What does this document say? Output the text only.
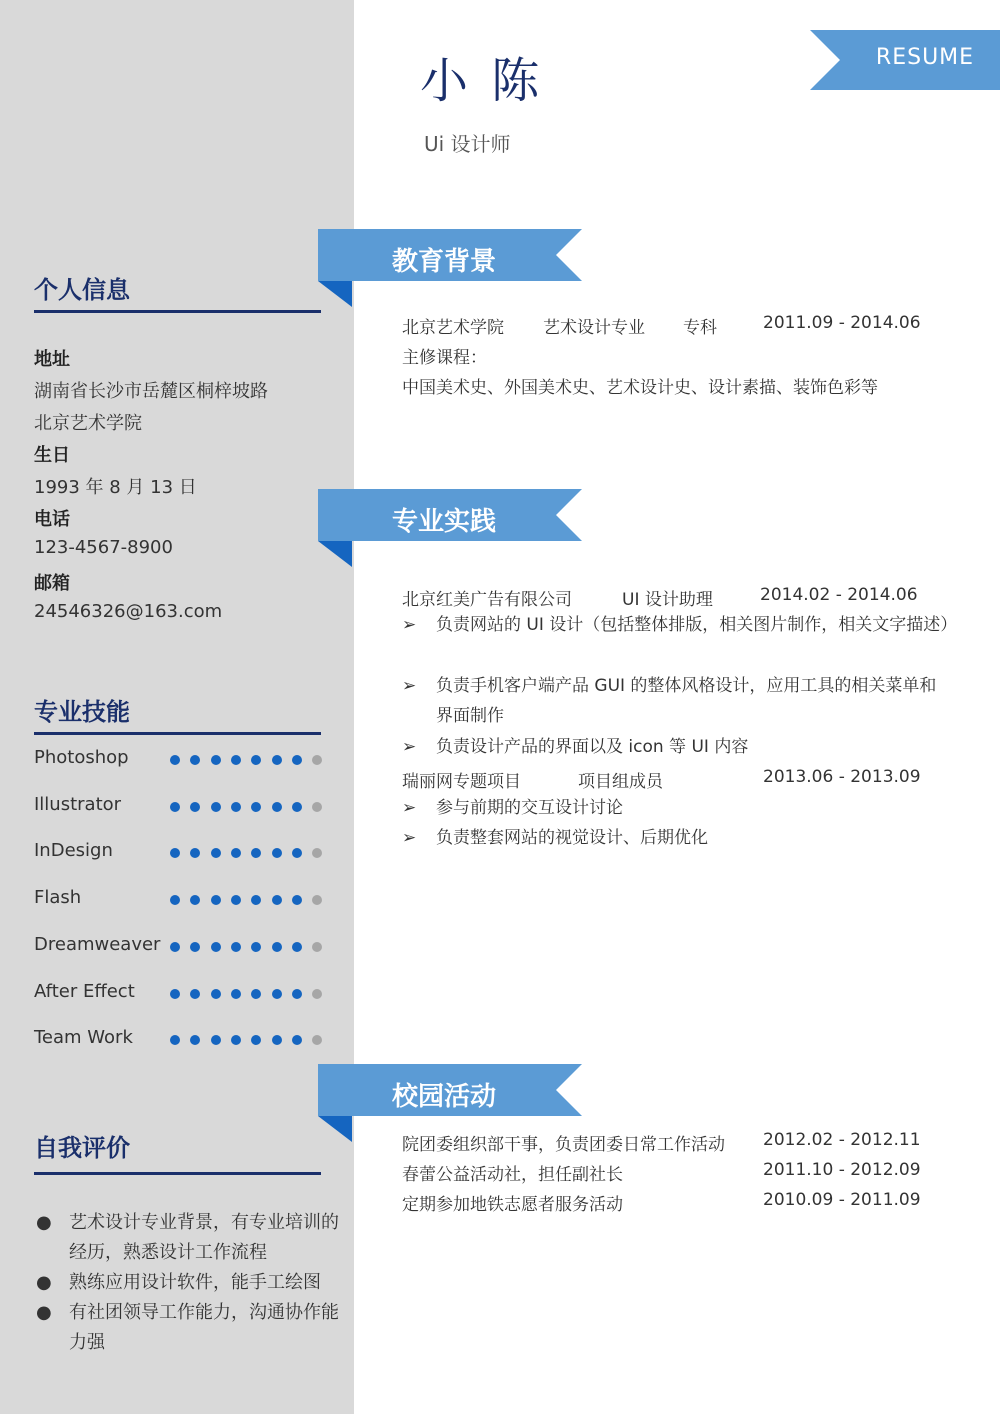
小 陈
Ui 设计师
RESUME
个人信息
地址
湖南省长沙市岳麓区桐梓坡路
北京艺术学院
生日
1993 年 8 月 13 日
电话
123-4567-8900
邮箱
24546326@163.com
专业技能
Photoshop
Illustrator
InDesign
Flash
Dreamweaver
After Effect
Team Work
自我评价
● 艺术设计专业背景，有专业培训的经历，熟悉设计工作流程
● 熟练应用设计软件，能手工绘图
● 有社团领导工作能力，沟通协作能力强
教育背景
北京艺术学院 艺术设计专业 专科	2011.09 - 2014.06
主修课程：
中国美术史、外国美术史、艺术设计史、设计素描、装饰色彩等
专业实践
北京红美广告有限公司	UI 设计助理	2014.02 - 2014.06
➢ 负责网站的 UI 设计（包括整体排版，相关图片制作，相关文字描述）
➢ 负责手机客户端产品 GUI 的整体风格设计，应用工具的相关菜单和界面制作
➢ 负责设计产品的界面以及 icon 等 UI 内容
瑞丽网专题项目	项目组成员	2013.06 - 2013.09
➢ 参与前期的交互设计讨论
➢ 负责整套网站的视觉设计、后期优化
校园活动
院团委组织部干事，负责团委日常工作活动 2012.02 - 2012.11
春蕾公益活动社，担任副社长	2011.10 - 2012.09
定期参加地铁志愿者服务活动	2010.09 - 2011.09
